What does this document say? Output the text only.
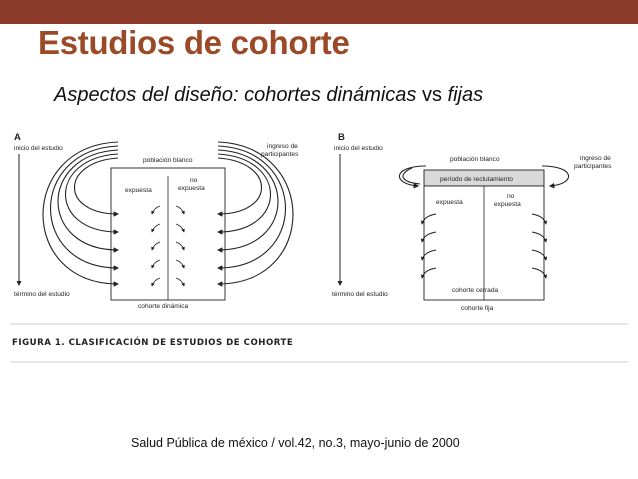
Estudios de cohorte
Aspectos del diseño: cohortes dinámicas vs fijas
A
inicio del estudio
término del estudio
ingreso de
participantes
población blanco
expuesta
no
expuesta
cohorte dinámica
B
inicio del estudio
término del estudio
ingreso de
participantes
población blanco
período de reclutamiento
expuesta
no
expuesta
cohorte cerrada
cohorte fija
FIGURA 1. CLASIFICACIÓN DE ESTUDIOS DE COHORTE
Salud Pública de méxico / vol.42, no.3, mayo-junio de 2000
